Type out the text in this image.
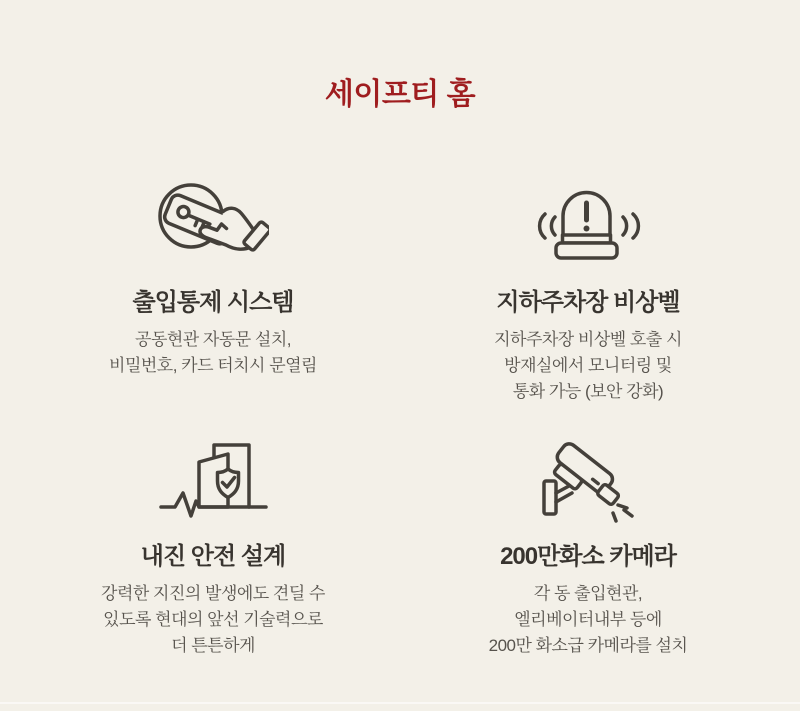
세이프티 홈
출입통제 시스템
공동현관 자동문 설치,
비밀번호, 카드 터치시 문열림
지하주차장 비상벨
지하주차장 비상벨 호출 시
방재실에서 모니터링 및
통화 가능 (보안 강화)
내진 안전 설계
강력한 지진의 발생에도 견딜 수
있도록 현대의 앞선 기술력으로
더 튼튼하게
200만화소 카메라
각 동 출입현관,
엘리베이터내부 등에
200만 화소급 카메라를 설치
